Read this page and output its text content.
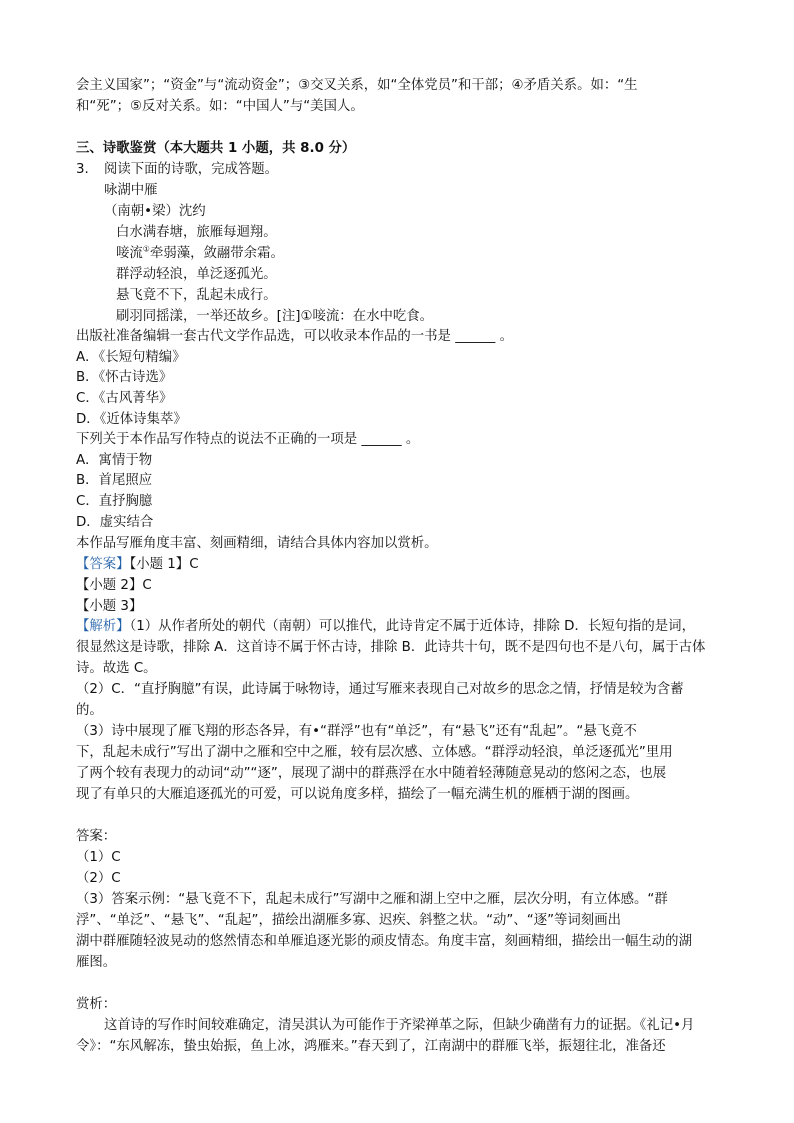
会主义国家”；“资金”与“流动资金”；③交叉关系，如“全体党员”和干部；④矛盾关系。如：“生
和“死”；⑤反对关系。如：“中国人”与“美国人。
三、诗歌鉴赏（本大题共 1 小题，共 8.0 分）
3. 阅读下面的诗歌，完成答题。
咏湖中雁
（南朝•梁）沈约
白水满春塘，旅雁每迴翔。
唼流①牵弱藻，敛翮带余霜。
群浮动轻浪，单泛逐孤光。
悬飞竟不下，乱起未成行。
刷羽同摇漾，一举还故乡。[注]①唼流：在水中吃食。
出版社准备编辑一套古代文学作品选，可以收录本作品的一书是 ______ 。
A．《长短句精编》
B．《怀古诗选》
C．《古风菁华》
D．《近体诗集萃》
下列关于本作品写作特点的说法不正确的一项是 ______ 。
A．寓情于物
B．首尾照应
C．直抒胸臆
D．虚实结合
本作品写雁角度丰富、刻画精细，请结合具体内容加以赏析。
【答案】【小题 1】C
【小题 2】C
【小题 3】
【解析】（1）从作者所处的朝代（南朝）可以推代，此诗肯定不属于近体诗，排除 D．长短句指的是词，
很显然这是诗歌，排除 A．这首诗不属于怀古诗，排除 B．此诗共十句，既不是四句也不是八句，属于古体
诗。故选 C。
（2）C．“直抒胸臆”有误，此诗属于咏物诗，通过写雁来表现自己对故乡的思念之情，抒情是较为含蓄
的。
（3）诗中展现了雁飞翔的形态各异，有•“群浮”也有“单泛”，有“悬飞”还有“乱起”。“悬飞竟不
下，乱起未成行”写出了湖中之雁和空中之雁，较有层次感、立体感。“群浮动轻浪，单泛逐孤光”里用
了两个较有表现力的动词“动”“逐”，展现了湖中的群燕浮在水中随着轻薄随意晃动的悠闲之态，也展
现了有单只的大雁追逐孤光的可爱，可以说角度多样，描绘了一幅充满生机的雁栖于湖的图画。
答案：
（1）C
（2）C
（3）答案示例：“悬飞竟不下，乱起未成行”写湖中之雁和湖上空中之雁，层次分明，有立体感。“群
浮”、“单泛”、“悬飞”、“乱起”，描绘出湖雁多寡、迟疾、斜整之状。“动”、“逐”等词刻画出
湖中群雁随轻波晃动的悠然情态和单雁追逐光影的顽皮情态。角度丰富，刻画精细，描绘出一幅生动的湖
雁图。
赏析：
这首诗的写作时间较难确定，清吴淇认为可能作于齐梁禅革之际，但缺少确凿有力的证据。《礼记•月
令》：“东风解冻，蛰虫始振，鱼上冰，鸿雁来。”春天到了，江南湖中的群雁飞举，振翅往北，准备还
